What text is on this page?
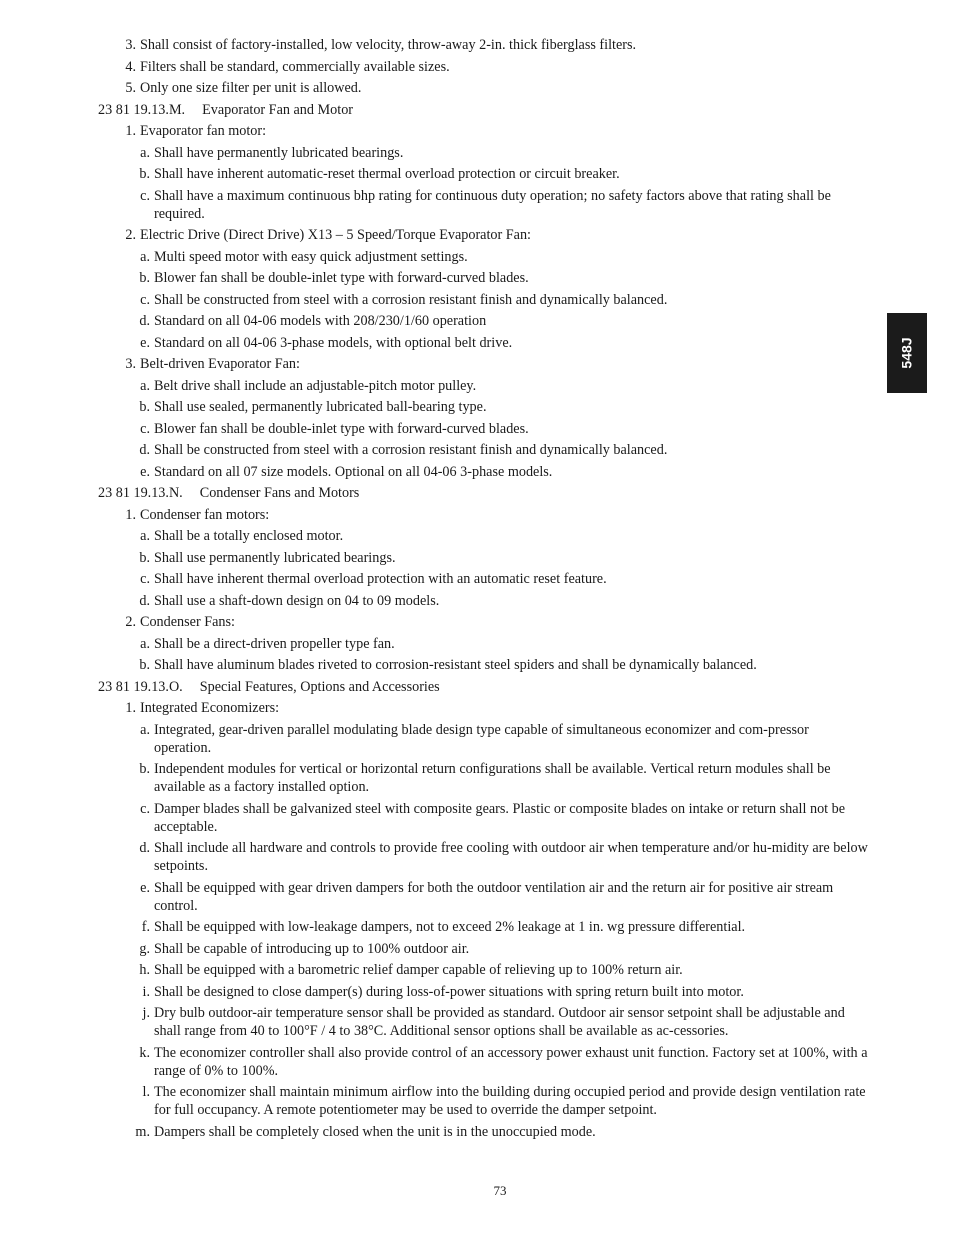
3. Shall consist of factory-installed, low velocity, throw-away 2-in. thick fiberglass filters.
4. Filters shall be standard, commercially available sizes.
5. Only one size filter per unit is allowed.
23 81 19.13.M. Evaporator Fan and Motor
1. Evaporator fan motor:
a. Shall have permanently lubricated bearings.
b. Shall have inherent automatic-reset thermal overload protection or circuit breaker.
c. Shall have a maximum continuous bhp rating for continuous duty operation; no safety factors above that rating shall be required.
2. Electric Drive (Direct Drive) X13 – 5 Speed/Torque Evaporator Fan:
a. Multi speed motor with easy quick adjustment settings.
b. Blower fan shall be double-inlet type with forward-curved blades.
c. Shall be constructed from steel with a corrosion resistant finish and dynamically balanced.
d. Standard on all 04-06 models with 208/230/1/60 operation
e. Standard on all 04-06 3-phase models, with optional belt drive.
3. Belt-driven Evaporator Fan:
a. Belt drive shall include an adjustable-pitch motor pulley.
b. Shall use sealed, permanently lubricated ball-bearing type.
c. Blower fan shall be double-inlet type with forward-curved blades.
d. Shall be constructed from steel with a corrosion resistant finish and dynamically balanced.
e. Standard on all 07 size models. Optional on all 04-06 3-phase models.
23 81 19.13.N. Condenser Fans and Motors
1. Condenser fan motors:
a. Shall be a totally enclosed motor.
b. Shall use permanently lubricated bearings.
c. Shall have inherent thermal overload protection with an automatic reset feature.
d. Shall use a shaft-down design on 04 to 09 models.
2. Condenser Fans:
a. Shall be a direct-driven propeller type fan.
b. Shall have aluminum blades riveted to corrosion-resistant steel spiders and shall be dynamically balanced.
23 81 19.13.O. Special Features, Options and Accessories
1. Integrated Economizers:
a. Integrated, gear-driven parallel modulating blade design type capable of simultaneous economizer and com-pressor operation.
b. Independent modules for vertical or horizontal return configurations shall be available. Vertical return modules shall be available as a factory installed option.
c. Damper blades shall be galvanized steel with composite gears. Plastic or composite blades on intake or return shall not be acceptable.
d. Shall include all hardware and controls to provide free cooling with outdoor air when temperature and/or hu-midity are below setpoints.
e. Shall be equipped with gear driven dampers for both the outdoor ventilation air and the return air for positive air stream control.
f. Shall be equipped with low-leakage dampers, not to exceed 2% leakage at 1 in. wg pressure differential.
g. Shall be capable of introducing up to 100% outdoor air.
h. Shall be equipped with a barometric relief damper capable of relieving up to 100% return air.
i. Shall be designed to close damper(s) during loss-of-power situations with spring return built into motor.
j. Dry bulb outdoor-air temperature sensor shall be provided as standard. Outdoor air sensor setpoint shall be adjustable and shall range from 40 to 100°F / 4 to 38°C. Additional sensor options shall be available as ac-cessories.
k. The economizer controller shall also provide control of an accessory power exhaust unit function. Factory set at 100%, with a range of 0% to 100%.
l. The economizer shall maintain minimum airflow into the building during occupied period and provide design ventilation rate for full occupancy. A remote potentiometer may be used to override the damper setpoint.
m. Dampers shall be completely closed when the unit is in the unoccupied mode.
548J
73
